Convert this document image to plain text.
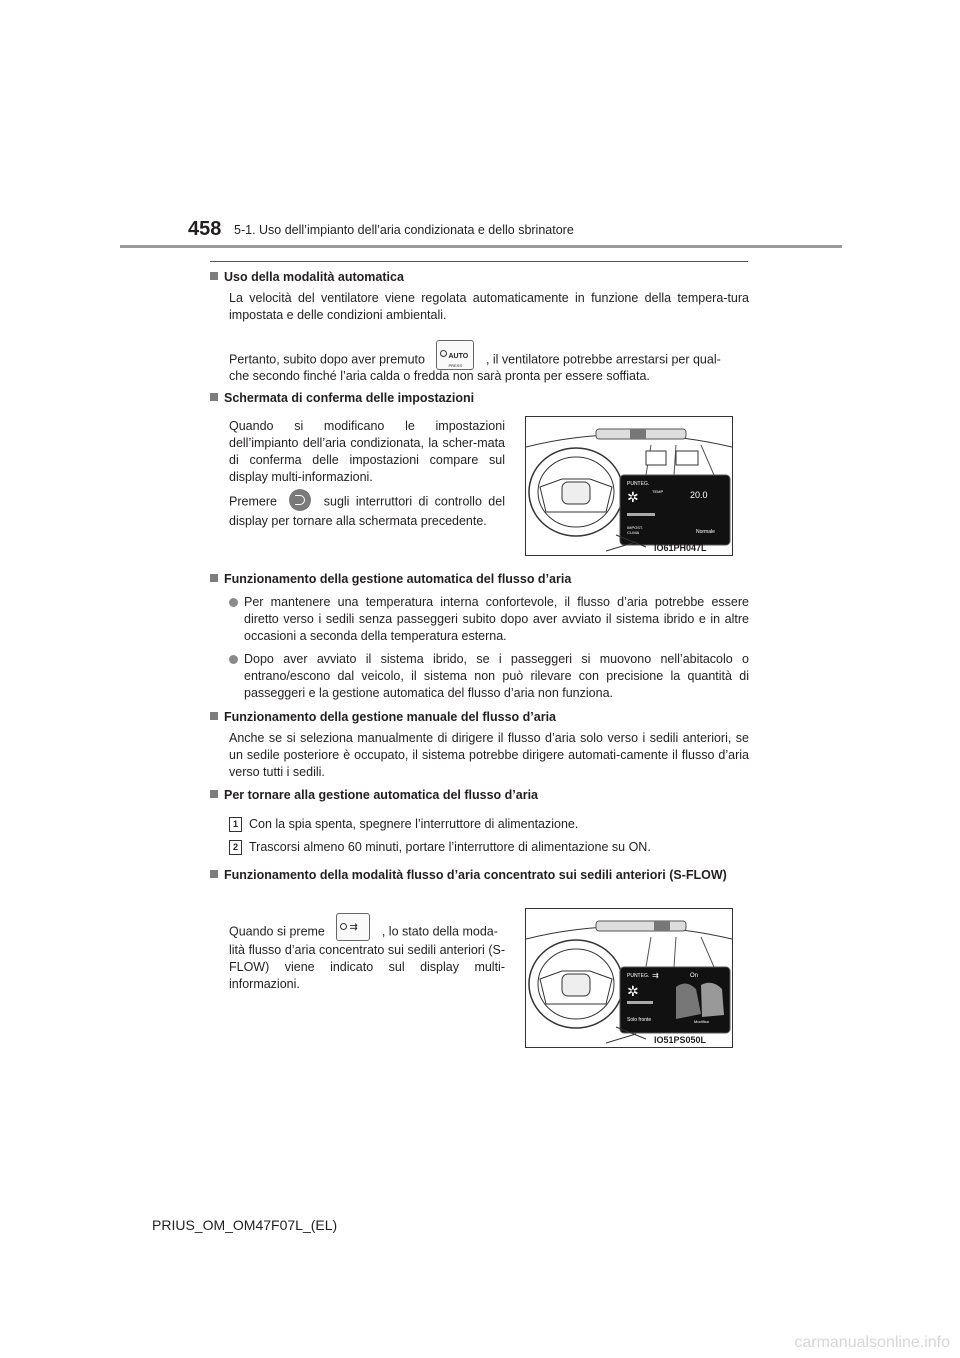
458 5-1. Uso dell’impianto dell’aria condizionata e dello sbrinatore
Uso della modalità automatica
La velocità del ventilatore viene regolata automaticamente in funzione della tempera-tura impostata e delle condizioni ambientali.
Pertanto, subito dopo aver premuto	AUTO
PRESS , il ventilatore potrebbe arrestarsi per qual-
che secondo finché l’aria calda o fredda non sarà pronta per essere soffiata.
Schermata di conferma delle impostazioni
Quando si modificano le impostazioni dell’impianto dell’aria condizionata, la scher-mata di conferma delle impostazioni compare sul display multi-informazioni.
Premere	sugli interruttori di controllo del display per tornare alla schermata precedente.
PUNTEG.
✲	TEMP	20.0
IMPOST. CLIMA	Normale
IO61PH047L
Funzionamento della gestione automatica del flusso d’aria
Per mantenere una temperatura interna confortevole, il flusso d’aria potrebbe essere diretto verso i sedili senza passeggeri subito dopo aver avviato il sistema ibrido e in altre occasioni a seconda della temperatura esterna.
Dopo aver avviato il sistema ibrido, se i passeggeri si muovono nell’abitacolo o entrano/escono dal veicolo, il sistema non può rilevare con precisione la quantità di passeggeri e la gestione automatica del flusso d’aria non funziona.
Funzionamento della gestione manuale del flusso d’aria
Anche se si seleziona manualmente di dirigere il flusso d’aria solo verso i sedili anteriori, se un sedile posteriore è occupato, il sistema potrebbe dirigere automati-camente il flusso d’aria verso tutti i sedili.
Per tornare alla gestione automatica del flusso d’aria
1 Con la spia spenta, spegnere l’interruttore di alimentazione.
2 Trascorsi almeno 60 minuti, portare l’interruttore di alimentazione su ON.
Funzionamento della modalità flusso d’aria concentrato sui sedili anteriori (S-FLOW)
Quando si preme ⇉ , lo stato della moda-
lità flusso d’aria concentrato sui sedili anteriori (S-FLOW) viene indicato sul display multi-informazioni.
PUNTEG. ⇉	On
✲
Solo fronte	Modifica
IO51PS050L
PRIUS_OM_OM47F07L_(EL)
carmanualsonline.info
